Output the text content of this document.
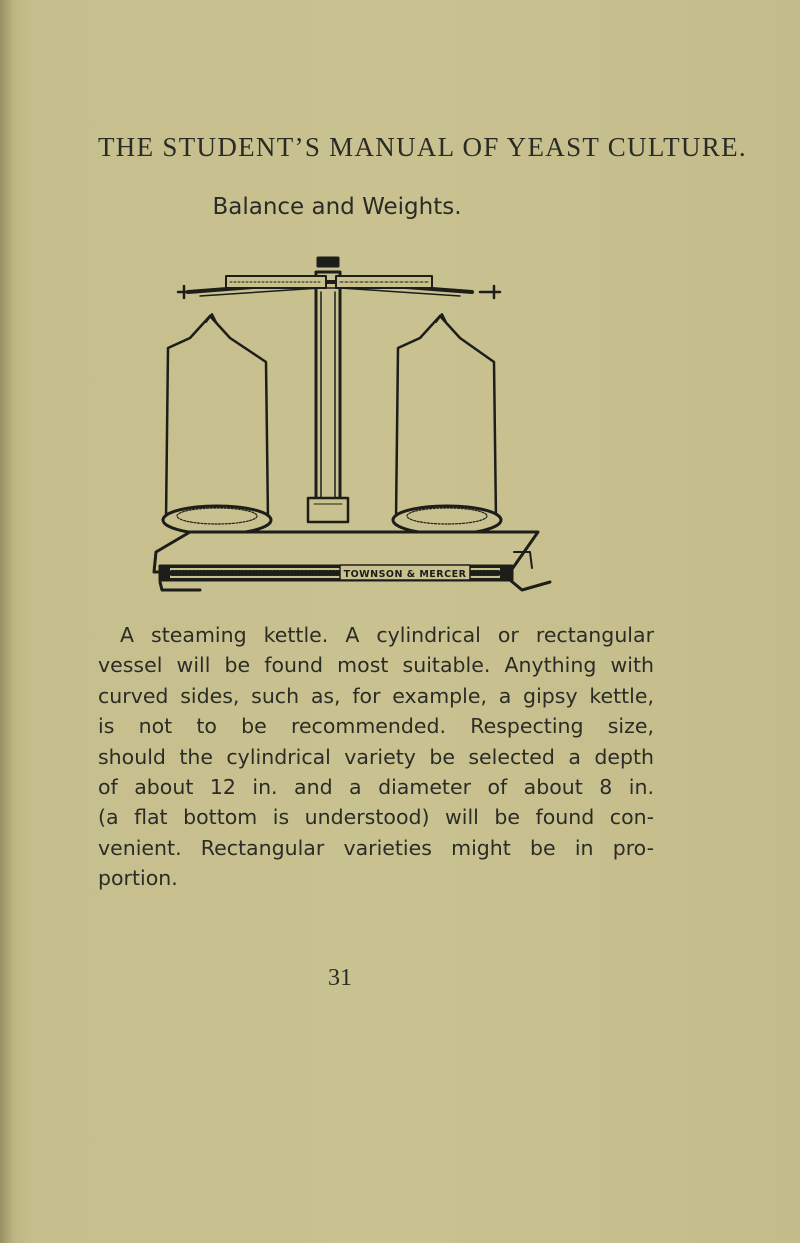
THE STUDENT’S MANUAL OF YEAST CULTURE.
Balance and Weights.
TOWNSON & MERCER
A steaming kettle. A cylindrical or rectangular
vessel will be found most suitable. Anything with
curved sides, such as, for example, a gipsy kettle,
is not to be recommended. Respecting size,
should the cylindrical variety be selected a depth
of about 12 in. and a diameter of about 8 in.
(a flat bottom is understood) will be found con-
venient. Rectangular varieties might be in pro-
portion.
31
